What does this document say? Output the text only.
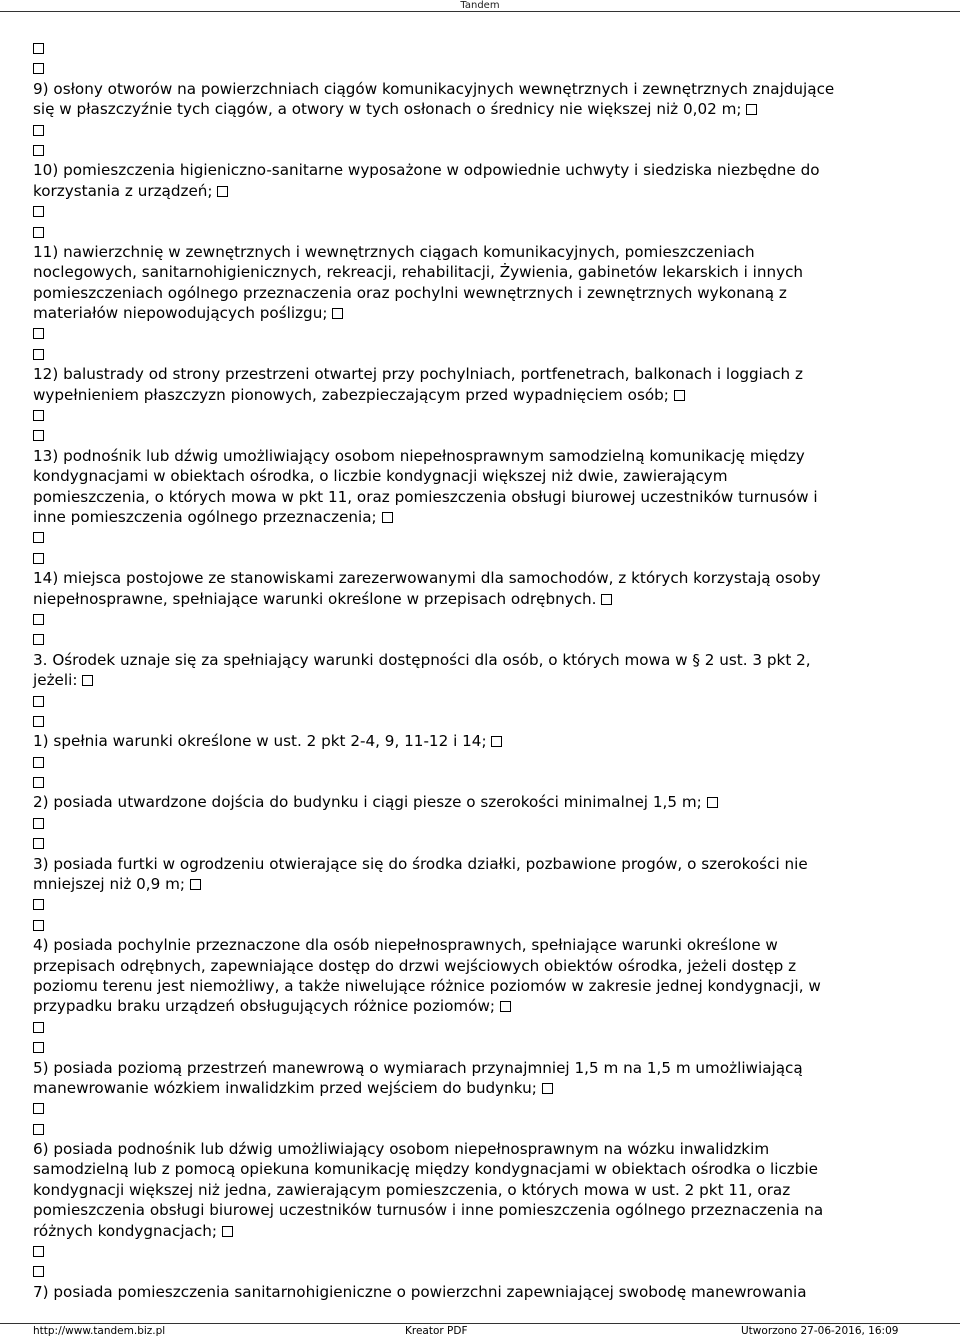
Tandem
9) osłony otworów na powierzchniach ciągów komunikacyjnych wewnętrznych i zewnętrznych znajdujące
się w płaszczyźnie tych ciągów, a otwory w tych osłonach o średnicy nie większej niż 0,02 m;
10) pomieszczenia higieniczno-sanitarne wyposażone w odpowiednie uchwyty i siedziska niezbędne do
korzystania z urządzeń;
11) nawierzchnię w zewnętrznych i wewnętrznych ciągach komunikacyjnych, pomieszczeniach
noclegowych, sanitarnohigienicznych, rekreacji, rehabilitacji, Żywienia, gabinetów lekarskich i innych
pomieszczeniach ogólnego przeznaczenia oraz pochylni wewnętrznych i zewnętrznych wykonaną z
materiałów niepowodujących poślizgu;
12) balustrady od strony przestrzeni otwartej przy pochylniach, portfenetrach, balkonach i loggiach z
wypełnieniem płaszczyzn pionowych, zabezpieczającym przed wypadnięciem osób;
13) podnośnik lub dźwig umożliwiający osobom niepełnosprawnym samodzielną komunikację między
kondygnacjami w obiektach ośrodka, o liczbie kondygnacji większej niż dwie, zawierającym
pomieszczenia, o których mowa w pkt 11, oraz pomieszczenia obsługi biurowej uczestników turnusów i
inne pomieszczenia ogólnego przeznaczenia;
14) miejsca postojowe ze stanowiskami zarezerwowanymi dla samochodów, z których korzystają osoby
niepełnosprawne, spełniające warunki określone w przepisach odrębnych.
3. Ośrodek uznaje się za spełniający warunki dostępności dla osób, o których mowa w § 2 ust. 3 pkt 2,
jeżeli:
1) spełnia warunki określone w ust. 2 pkt 2-4, 9, 11-12 i 14;
2) posiada utwardzone dojścia do budynku i ciągi piesze o szerokości minimalnej 1,5 m;
3) posiada furtki w ogrodzeniu otwierające się do środka działki, pozbawione progów, o szerokości nie
mniejszej niż 0,9 m;
4) posiada pochylnie przeznaczone dla osób niepełnosprawnych, spełniające warunki określone w
przepisach odrębnych, zapewniające dostęp do drzwi wejściowych obiektów ośrodka, jeżeli dostęp z
poziomu terenu jest niemożliwy, a także niwelujące różnice poziomów w zakresie jednej kondygnacji, w
przypadku braku urządzeń obsługujących różnice poziomów;
5) posiada poziomą przestrzeń manewrową o wymiarach przynajmniej 1,5 m na 1,5 m umożliwiającą
manewrowanie wózkiem inwalidzkim przed wejściem do budynku;
6) posiada podnośnik lub dźwig umożliwiający osobom niepełnosprawnym na wózku inwalidzkim
samodzielną lub z pomocą opiekuna komunikację między kondygnacjami w obiektach ośrodka o liczbie
kondygnacji większej niż jedna, zawierającym pomieszczenia, o których mowa w ust. 2 pkt 11, oraz
pomieszczenia obsługi biurowej uczestników turnusów i inne pomieszczenia ogólnego przeznaczenia na
różnych kondygnacjach;
7) posiada pomieszczenia sanitarnohigieniczne o powierzchni zapewniającej swobodę manewrowania
http://www.tandem.biz.pl	Kreator PDF	Utworzono 27-06-2016, 16:09
